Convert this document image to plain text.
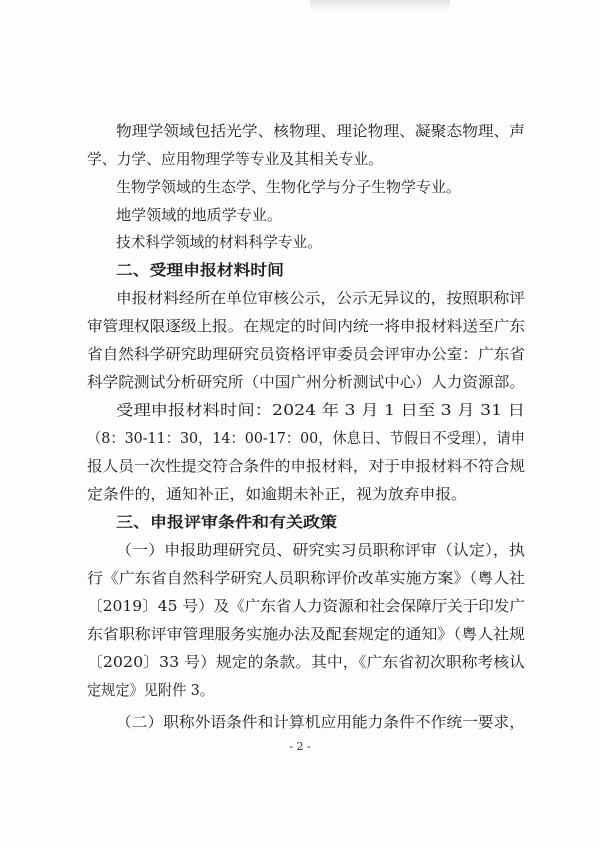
物理学领域包括光学、核物理、理论物理、凝聚态物理、声
学、力学、应用物理学等专业及其相关专业。
生物学领域的生态学、生物化学与分子生物学专业。
地学领域的地质学专业。
技术科学领域的材料科学专业。
二、受理申报材料时间
申报材料经所在单位审核公示，公示无异议的，按照职称评
审管理权限逐级上报。在规定的时间内统一将申报材料送至广东
省自然科学研究助理研究员资格评审委员会评审办公室：广东省
科学院测试分析研究所（中国广州分析测试中心）人力资源部。
受理申报材料时间：2024 年 3 月 1 日至 3 月 31 日
（8：30-11：30，14：00-17：00，休息日、节假日不受理），请申
报人员一次性提交符合条件的申报材料，对于申报材料不符合规
定条件的，通知补正，如逾期未补正，视为放弃申报。
三、申报评审条件和有关政策
（一）申报助理研究员、研究实习员职称评审（认定），执
行《广东省自然科学研究人员职称评价改革实施方案》（粤人社
〔2019〕45 号）及《广东省人力资源和社会保障厅关于印发广
东省职称评审管理服务实施办法及配套规定的通知》（粤人社规
〔2020〕33 号）规定的条款。其中，《广东省初次职称考核认
定规定》见附件 3。
（二）职称外语条件和计算机应用能力条件不作统一要求，
- 2 -
